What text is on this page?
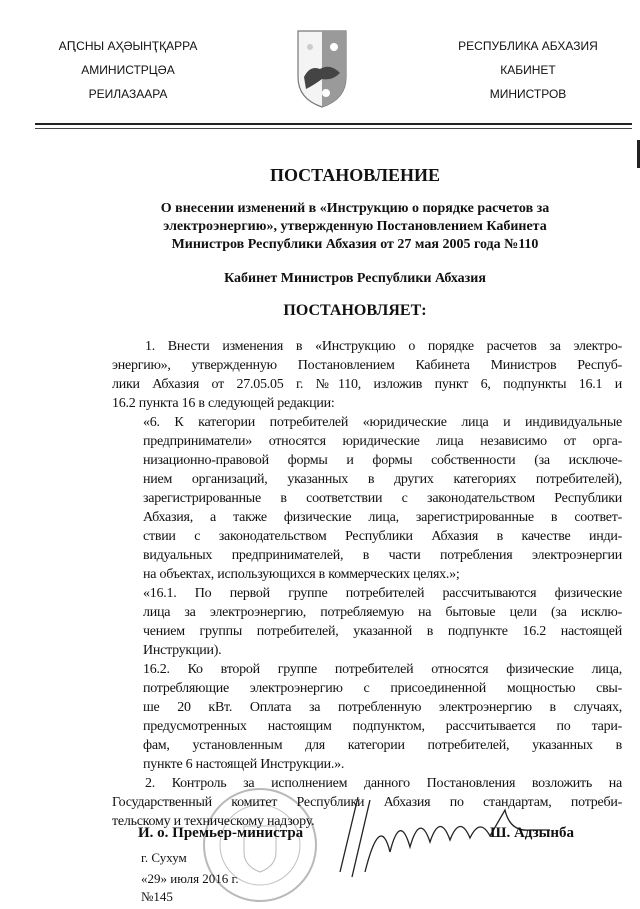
АԤСНЫ АҲӘЫНҬҚАРРА
АМИНИСТРЦӘА
РЕИЛАЗААРА
РЕСПУБЛИКА АБХАЗИЯ
КАБИНЕТ
МИНИСТРОВ
ПОСТАНОВЛЕНИЕ
О внесении изменений в «Инструкцию о порядке расчетов за
электроэнергию», утвержденную Постановлением Кабинета
Министров Республики Абхазия от 27 мая 2005 года №110
Кабинет Министров Республики Абхазия
ПОСТАНОВЛЯЕТ:
1. Внести изменения в «Инструкцию о порядке расчетов за электро-
энергию», утвержденную Постановлением Кабинета Министров Респуб-
лики Абхазия от 27.05.05 г. №110, изложив пункт 6, подпункты 16.1 и
16.2 пункта 16 в следующей редакции:
«6. К категории потребителей «юридические лица и индивидуальные
предприниматели» относятся юридические лица независимо от орга-
низационно-правовой формы и формы собственности (за исключе-
нием организаций, указанных в других категориях потребителей),
зарегистрированные в соответствии с законодательством Республики
Абхазия, а также физические лица, зарегистрированные в соответ-
ствии с законодательством Республики Абхазия в качестве инди-
видуальных предпринимателей, в части потребления электроэнергии
на объектах, использующихся в коммерческих целях.»;
«16.1. По первой группе потребителей рассчитываются физические
лица за электроэнергию, потребляемую на бытовые цели (за исклю-
чением группы потребителей, указанной в подпункте 16.2 настоящей
Инструкции).
16.2. Ко второй группе потребителей относятся физические лица,
потребляющие электроэнергию с присоединенной мощностью свы-
ше 20 кВт. Оплата за потребленную электроэнергию в случаях,
предусмотренных настоящим подпунктом, рассчитывается по тари-
фам, установленным для категории потребителей, указанных в
пункте 6 настоящей Инструкции.».
2. Контроль за исполнением данного Постановления возложить на
Государственный комитет Республики Абхазия по стандартам, потреби-
тельскому и техническому надзору.
И. о. Премьер-министра	Ш. Адзынба
г. Сухум
«29» июля 2016 г.
№145
